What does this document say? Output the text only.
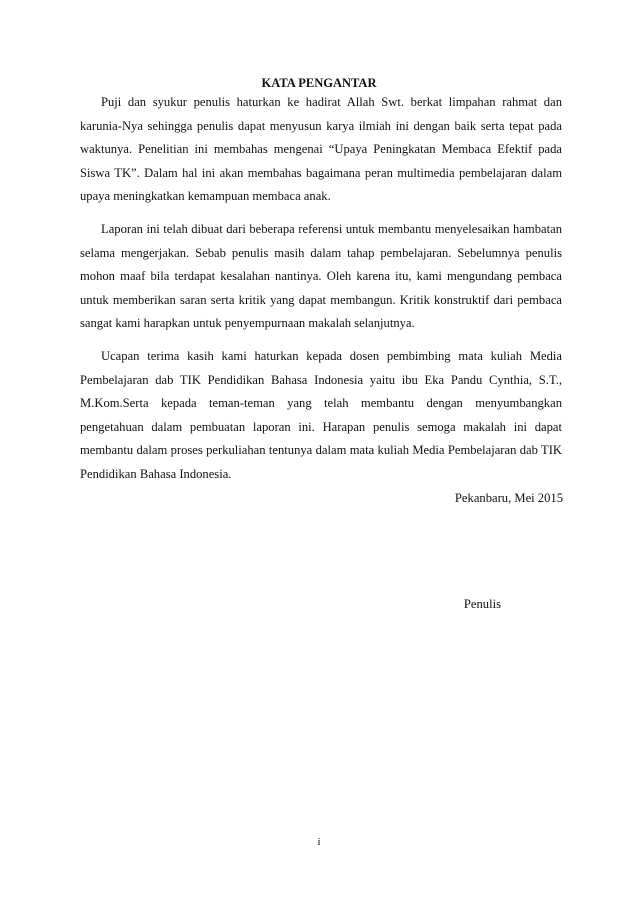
KATA PENGANTAR

Puji dan syukur penulis haturkan ke hadirat Allah Swt. berkat limpahan rahmat dan karunia-Nya sehingga penulis dapat menyusun karya ilmiah ini dengan baik serta tepat pada waktunya. Penelitian ini membahas mengenai “Upaya Peningkatan Membaca Efektif pada Siswa TK”. Dalam hal ini akan membahas bagaimana peran multimedia pembelajaran dalam upaya meningkatkan kemampuan membaca anak.

Laporan ini telah dibuat dari beberapa referensi untuk membantu menyelesaikan hambatan selama mengerjakan. Sebab penulis masih dalam tahap pembelajaran. Sebelumnya penulis mohon maaf bila terdapat kesalahan nantinya. Oleh karena itu, kami mengundang pembaca untuk memberikan saran serta kritik yang dapat membangun. Kritik konstruktif dari pembaca sangat kami harapkan untuk penyempurnaan makalah selanjutnya.

Ucapan terima kasih kami haturkan kepada dosen pembimbing mata kuliah Media Pembelajaran dab TIK Pendidikan Bahasa Indonesia yaitu ibu Eka Pandu Cynthia, S.T., M.Kom.Serta kepada teman-teman yang telah membantu dengan menyumbangkan pengetahuan dalam pembuatan laporan ini. Harapan penulis semoga makalah ini dapat membantu dalam proses perkuliahan tentunya dalam mata kuliah Media Pembelajaran dab TIK Pendidikan Bahasa Indonesia.

Pekanbaru, Mei 2015

Penulis

i
